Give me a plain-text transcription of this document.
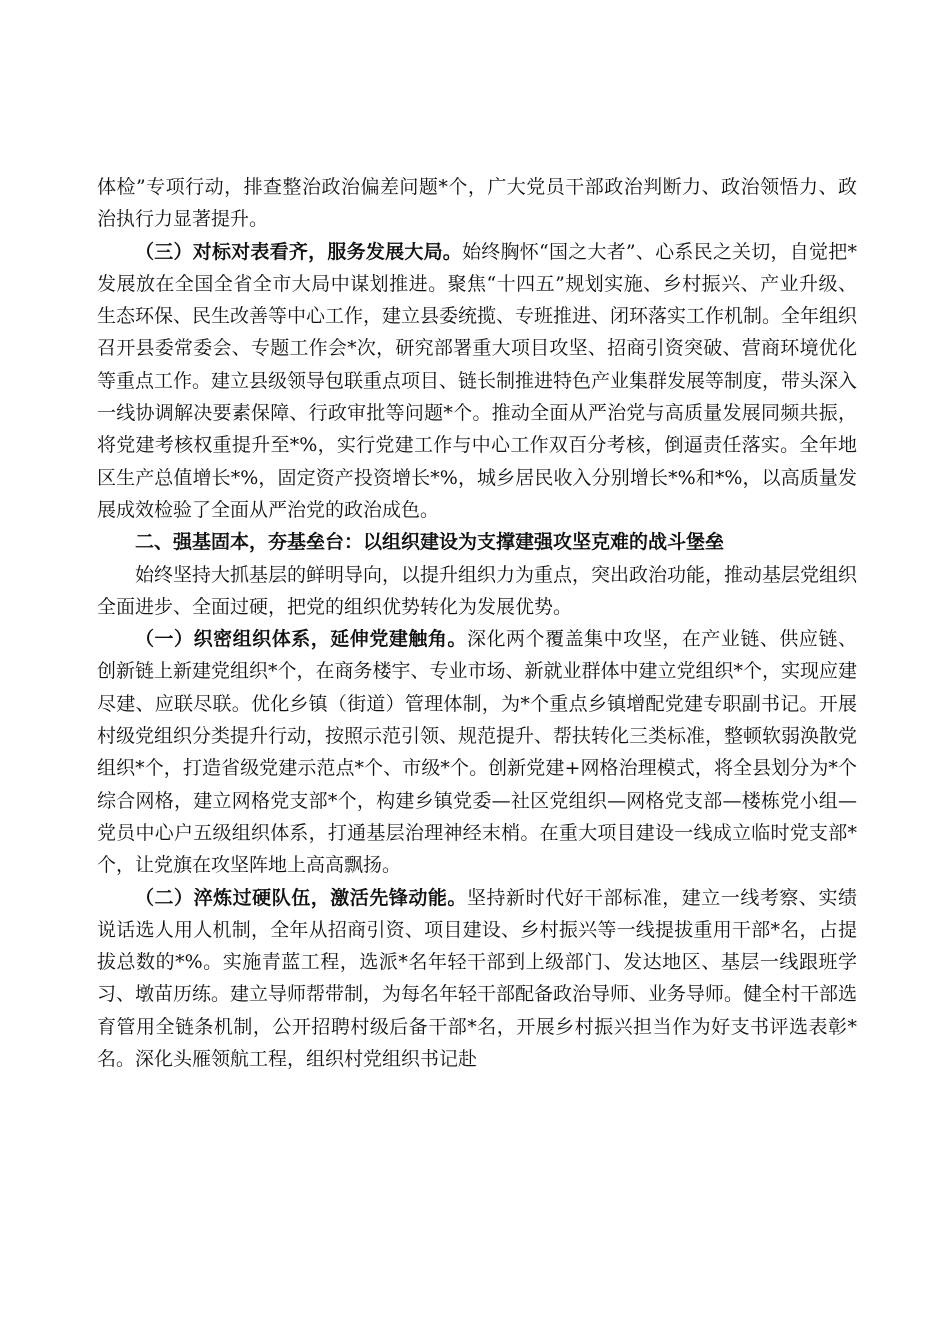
体检”专项行动，排查整治政治偏差问题*个，广大党员干部政治判断力、政治领悟力、政治执行力显著提升。

（三）对标对表看齐，服务发展大局。始终胸怀“国之大者”、心系民之关切，自觉把*发展放在全国全省全市大局中谋划推进。聚焦“十四五”规划实施、乡村振兴、产业升级、生态环保、民生改善等中心工作，建立县委统揽、专班推进、闭环落实工作机制。全年组织召开县委常委会、专题工作会*次，研究部署重大项目攻坚、招商引资突破、营商环境优化等重点工作。建立县级领导包联重点项目、链长制推进特色产业集群发展等制度，带头深入一线协调解决要素保障、行政审批等问题*个。推动全面从严治党与高质量发展同频共振，将党建考核权重提升至*%，实行党建工作与中心工作双百分考核，倒逼责任落实。全年地区生产总值增长*%，固定资产投资增长*%，城乡居民收入分别增长*%和*%，以高质量发展成效检验了全面从严治党的政治成色。

二、强基固本，夯基垒台：以组织建设为支撑建强攻坚克难的战斗堡垒

始终坚持大抓基层的鲜明导向，以提升组织力为重点，突出政治功能，推动基层党组织全面进步、全面过硬，把党的组织优势转化为发展优势。

（一）织密组织体系，延伸党建触角。深化两个覆盖集中攻坚，在产业链、供应链、创新链上新建党组织*个，在商务楼宇、专业市场、新就业群体中建立党组织*个，实现应建尽建、应联尽联。优化乡镇（街道）管理体制，为*个重点乡镇增配党建专职副书记。开展村级党组织分类提升行动，按照示范引领、规范提升、帮扶转化三类标准，整顿软弱涣散党组织*个，打造省级党建示范点*个、市级*个。创新党建+网格治理模式，将全县划分为*个综合网格，建立网格党支部*个，构建乡镇党委—社区党组织—网格党支部—楼栋党小组—党员中心户五级组织体系，打通基层治理神经末梢。在重大项目建设一线成立临时党支部*个，让党旗在攻坚阵地上高高飘扬。

（二）淬炼过硬队伍，激活先锋动能。坚持新时代好干部标准，建立一线考察、实绩说话选人用人机制，全年从招商引资、项目建设、乡村振兴等一线提拔重用干部*名，占提拔总数的*%。实施青蓝工程，选派*名年轻干部到上级部门、发达地区、基层一线跟班学习、墩苗历练。建立导师帮带制，为每名年轻干部配备政治导师、业务导师。健全村干部选育管用全链条机制，公开招聘村级后备干部*名，开展乡村振兴担当作为好支书评选表彰*名。深化头雁领航工程，组织村党组织书记赴
